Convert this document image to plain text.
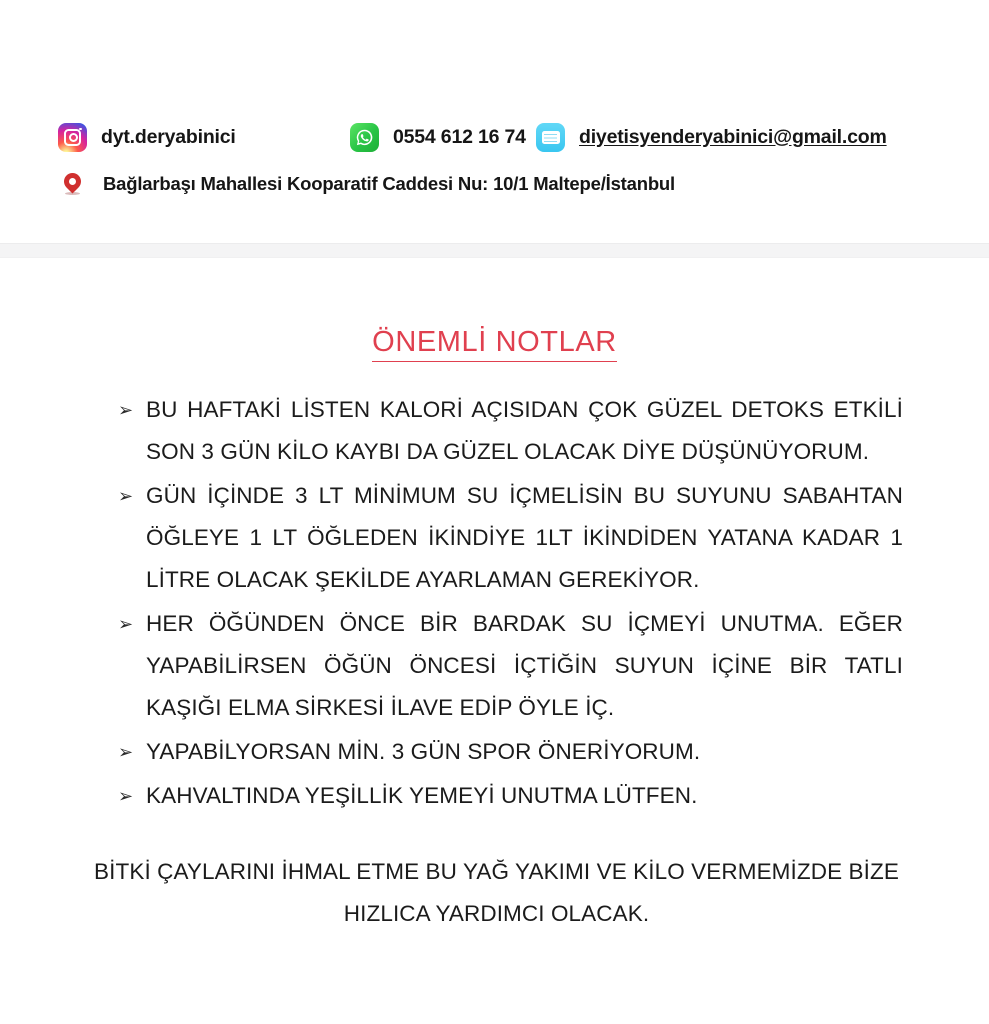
dyt.deryabinici	0554 612 16 74	diyetisyenderyabinici@gmail.com
Bağlarbaşı Mahallesi Kooparatif Caddesi Nu: 10/1 Maltepe/İstanbul
ÖNEMLİ NOTLAR
➢ BU HAFTAKİ LİSTEN KALORİ AÇISIDAN ÇOK GÜZEL DETOKS ETKİLİ SON 3 GÜN KİLO KAYBI DA GÜZEL OLACAK DİYE DÜŞÜNÜYORUM.
➢ GÜN İÇİNDE 3 LT MİNİMUM SU İÇMELİSİN BU SUYUNU SABAHTAN ÖĞLEYE 1 LT ÖĞLEDEN İKİNDİYE 1LT İKİNDİDEN YATANA KADAR 1 LİTRE OLACAK ŞEKİLDE AYARLAMAN GEREKİYOR.
➢ HER ÖĞÜNDEN ÖNCE BİR BARDAK SU İÇMEYİ UNUTMA. EĞER YAPABİLİRSEN ÖĞÜN ÖNCESİ İÇTİĞİN SUYUN İÇİNE BİR TATLI KAŞIĞI ELMA SİRKESİ İLAVE EDİP ÖYLE İÇ.
➢ YAPABİLYORSAN MİN. 3 GÜN SPOR ÖNERİYORUM.
➢ KAHVALTINDA YEŞİLLİK YEMEYİ UNUTMA LÜTFEN.

BİTKİ ÇAYLARINI İHMAL ETME BU YAĞ YAKIMI VE KİLO VERMEMİZDE BİZE HIZLICA YARDIMCI OLACAK.
